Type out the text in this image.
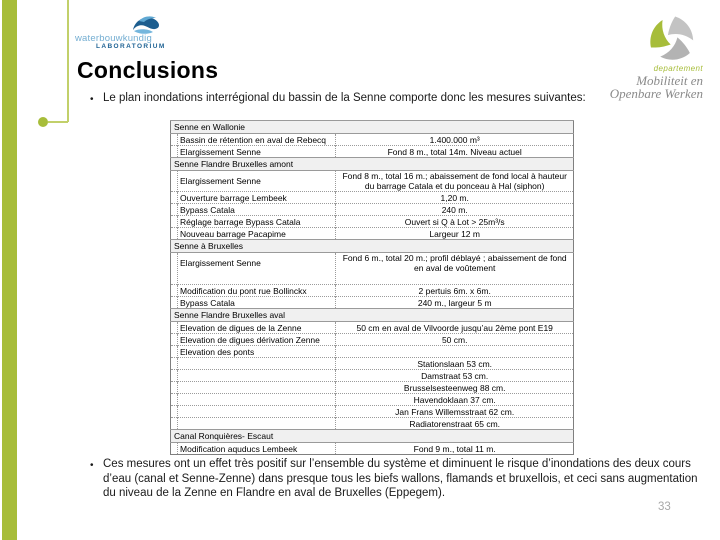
waterbouwkundig
LABORATORIUM
departement
Mobiliteit en
Openbare Werken
Conclusions
•
Le plan inondations interrégional du bassin de la Senne comporte donc les mesures suivantes:
Senne en Wallonie		
	Bassin de rétention en aval de Rebecq	1.400.000 m³
	Elargissement Senne	Fond 8 m., total 14m. Niveau actuel
Senne Flandre Bruxelles amont		
	Elargissement Senne	Fond 8 m., total 16 m.; abaissement de fond local à hauteur du barrage Catala et du ponceau à Hal (siphon)
	Ouverture barrage Lembeek	1,20 m.
	Bypass Catala	240 m.
	Réglage barrage Bypass Catala	Ouvert si Q à Lot > 25m³/s
	Nouveau barrage Pacapime	Largeur 12 m
Senne à Bruxelles		
	Elargissement Senne	Fond 6 m., total 20 m.; profil déblayé ; abaissement de fond en aval de voûtement
	Modification du pont rue Bollinckx	2 pertuis 6m. x 6m.
	Bypass Catala	240 m., largeur 5 m
Senne Flandre Bruxelles aval		
	Elevation de digues de la Zenne	50 cm en aval de Vilvoorde jusqu’au 2ème pont E19
	Elevation de digues dérivation Zenne	50 cm.
	Elevation des ponts	
		Stationslaan 53 cm.
		Damstraat 53 cm.
		Brusselsesteenweg 88 cm.
		Havendoklaan 37 cm.
		Jan Frans Willemsstraat 62 cm.
		Radiatorenstraat 65 cm.
Canal Ronquières- Escaut		
	Modification aquducs Lembeek	Fond 9 m., total 11 m.
•
Ces mesures ont un effet très positif sur l’ensemble du système et diminuent le risque d’inondations des deux cours d’eau (canal et Senne-Zenne) dans presque tous les biefs wallons, flamands et bruxellois, et ceci sans augmentation du niveau de la Zenne en Flandre en aval de Bruxelles (Eppegem).
33
